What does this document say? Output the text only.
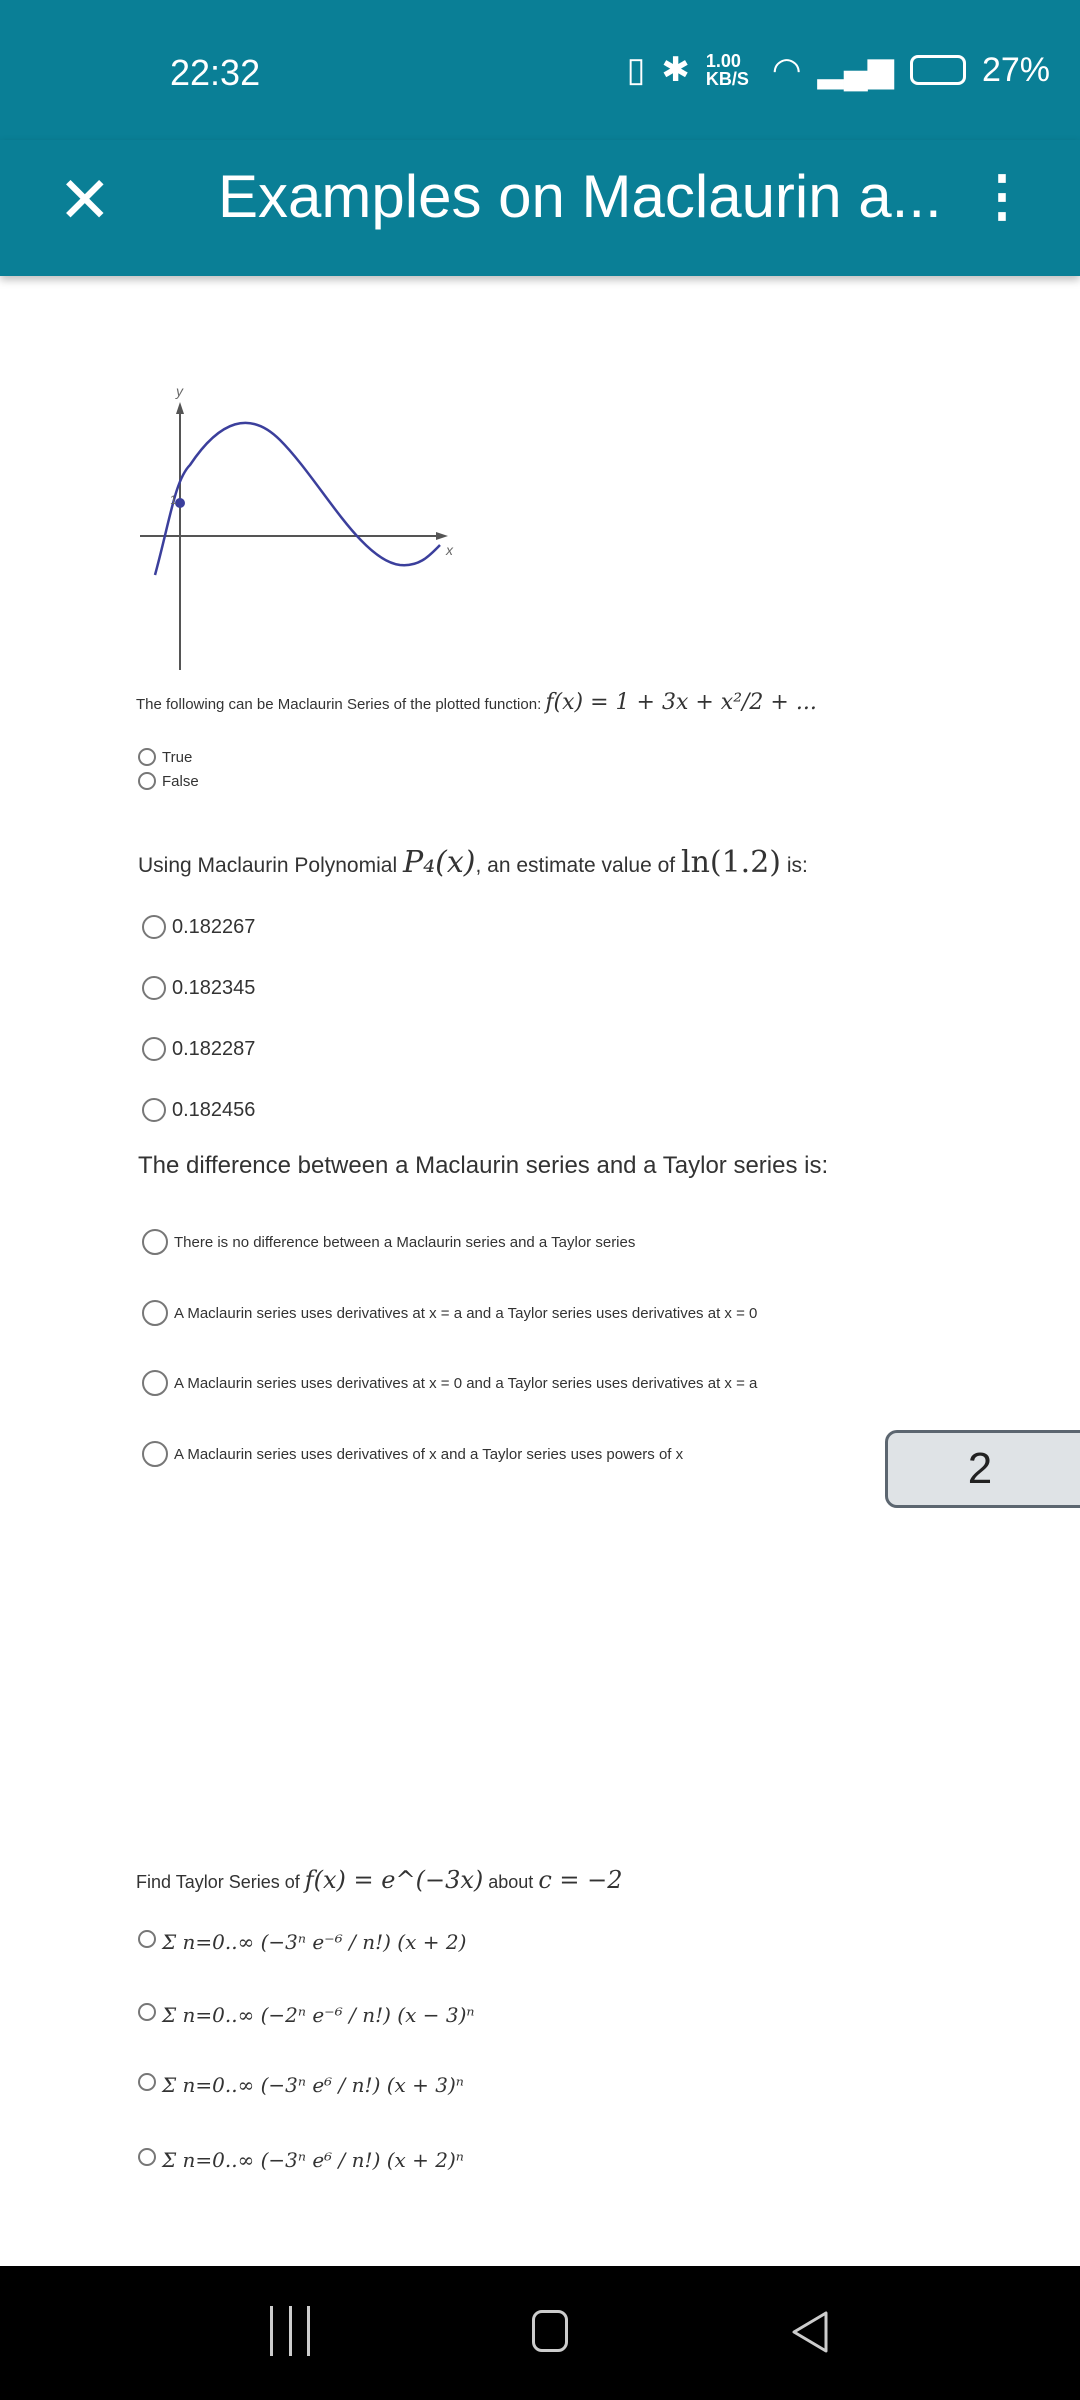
22:32	▯ ✱ 1.00 KB/S ◠ ▂▄▆	27%
✕ Examples on Maclaurin a... ⋮
y
1
x
The following can be Maclaurin Series of the plotted function: f(x) = 1 + 3x + x²/2 + ...
True
False
Using Maclaurin Polynomial P₄(x), an estimate value of ln(1.2) is:
0.182267
0.182345
0.182287
0.182456
The difference between a Maclaurin series and a Taylor series is:
There is no difference between a Maclaurin series and a Taylor series
A Maclaurin series uses derivatives at x = a and a Taylor series uses derivatives at x = 0
A Maclaurin series uses derivatives at x = 0 and a Taylor series uses derivatives at x = a
A Maclaurin series uses derivatives of x and a Taylor series uses powers of x	2
Find Taylor Series of f(x) = e^(−3x) about c = −2
Σ n=0..∞ (−3ⁿ e⁻⁶ / n!) (x + 2)
Σ n=0..∞ (−2ⁿ e⁻⁶ / n!) (x − 3)ⁿ
Σ n=0..∞ (−3ⁿ e⁶ / n!) (x + 3)ⁿ
Σ n=0..∞ (−3ⁿ e⁶ / n!) (x + 2)ⁿ
